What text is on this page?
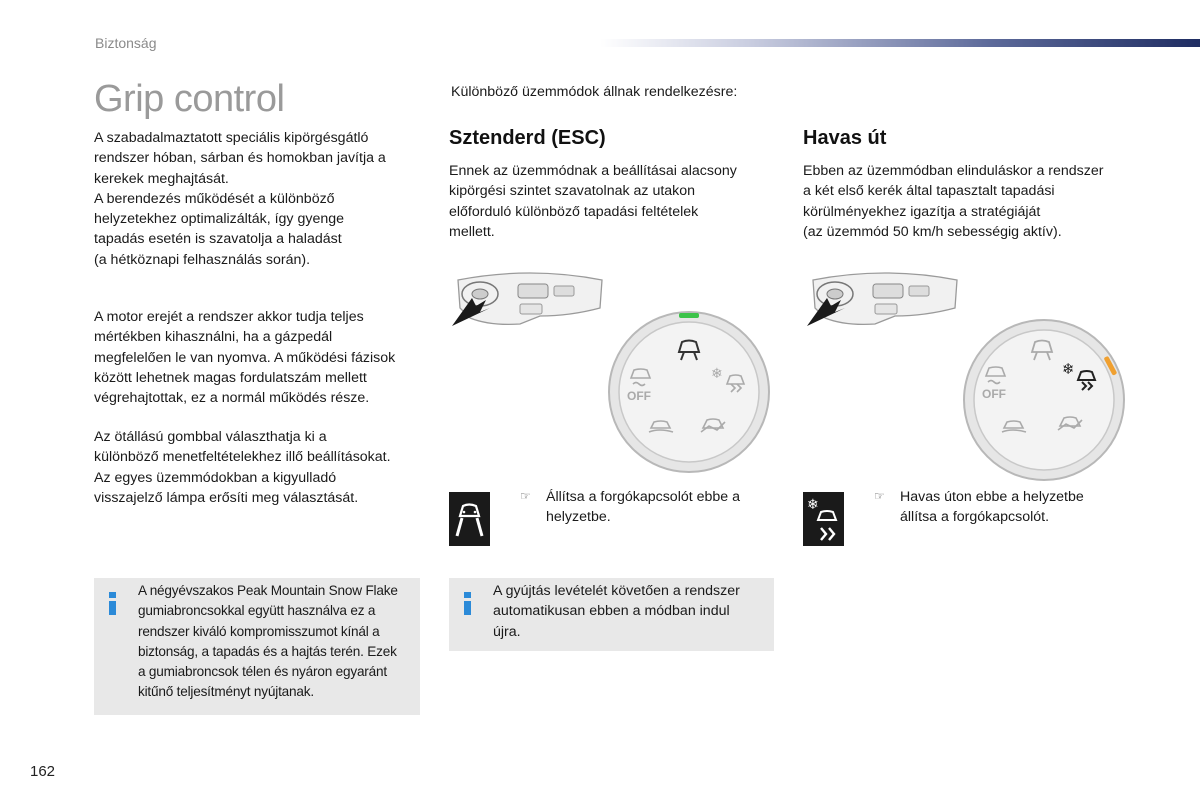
Biztonság
Grip control

A szabadalmaztatott speciális kipörgésgátló

rendszer hóban, sárban és homokban javítja a

kerekek meghajtását.

A berendezés működését a különböző

helyzetekhez optimalizálták, így gyenge

tapadás esetén is szavatolja a haladást

(a hétköznapi felhasználás során).

A motor erejét a rendszer akkor tudja teljes

mértékben kihasználni, ha a gázpedál

megfelelően le van nyomva. A működési fázisok

között lehetnek magas fordulatszám mellett

végrehajtottak, ez a normál működés része.

Az ötállású gombbal választhatja ki a

különböző menetfeltételekhez illő beállításokat.

Az egyes üzemmódokban a kigyulladó

visszajelző lámpa erősíti meg választását.

A négyévszakos Peak Mountain Snow Flake
gumiabroncsokkal együtt használva ez a
rendszer kiváló kompromisszumot kínál a
biztonság, a tapadás és a hajtás terén. Ezek
a gumiabroncsok télen és nyáron egyaránt
kitűnő teljesítményt nyújtanak.
Különböző üzemmódok állnak rendelkezésre:
Sztenderd (ESC)

Ennek az üzemmódnak a beállításai alacsony

kipörgési szintet szavatolnak az utakon

előforduló különböző tapadási feltételek

mellett.

OFF
❄
☞ Állítsa a forgókapcsolót ebbe a

helyzetbe.

A gyújtás levételét követően a rendszer
automatikusan ebben a módban indul
újra.
Havas út

Ebben az üzemmódban elinduláskor a rendszer

a két első kerék által tapasztalt tapadási

körülményekhez igazítja a stratégiáját

(az üzemmód 50 km/h sebességig aktív).

OFF
❄
❄
☞ Havas úton ebbe a helyzetbe

állítsa a forgókapcsolót.

162
